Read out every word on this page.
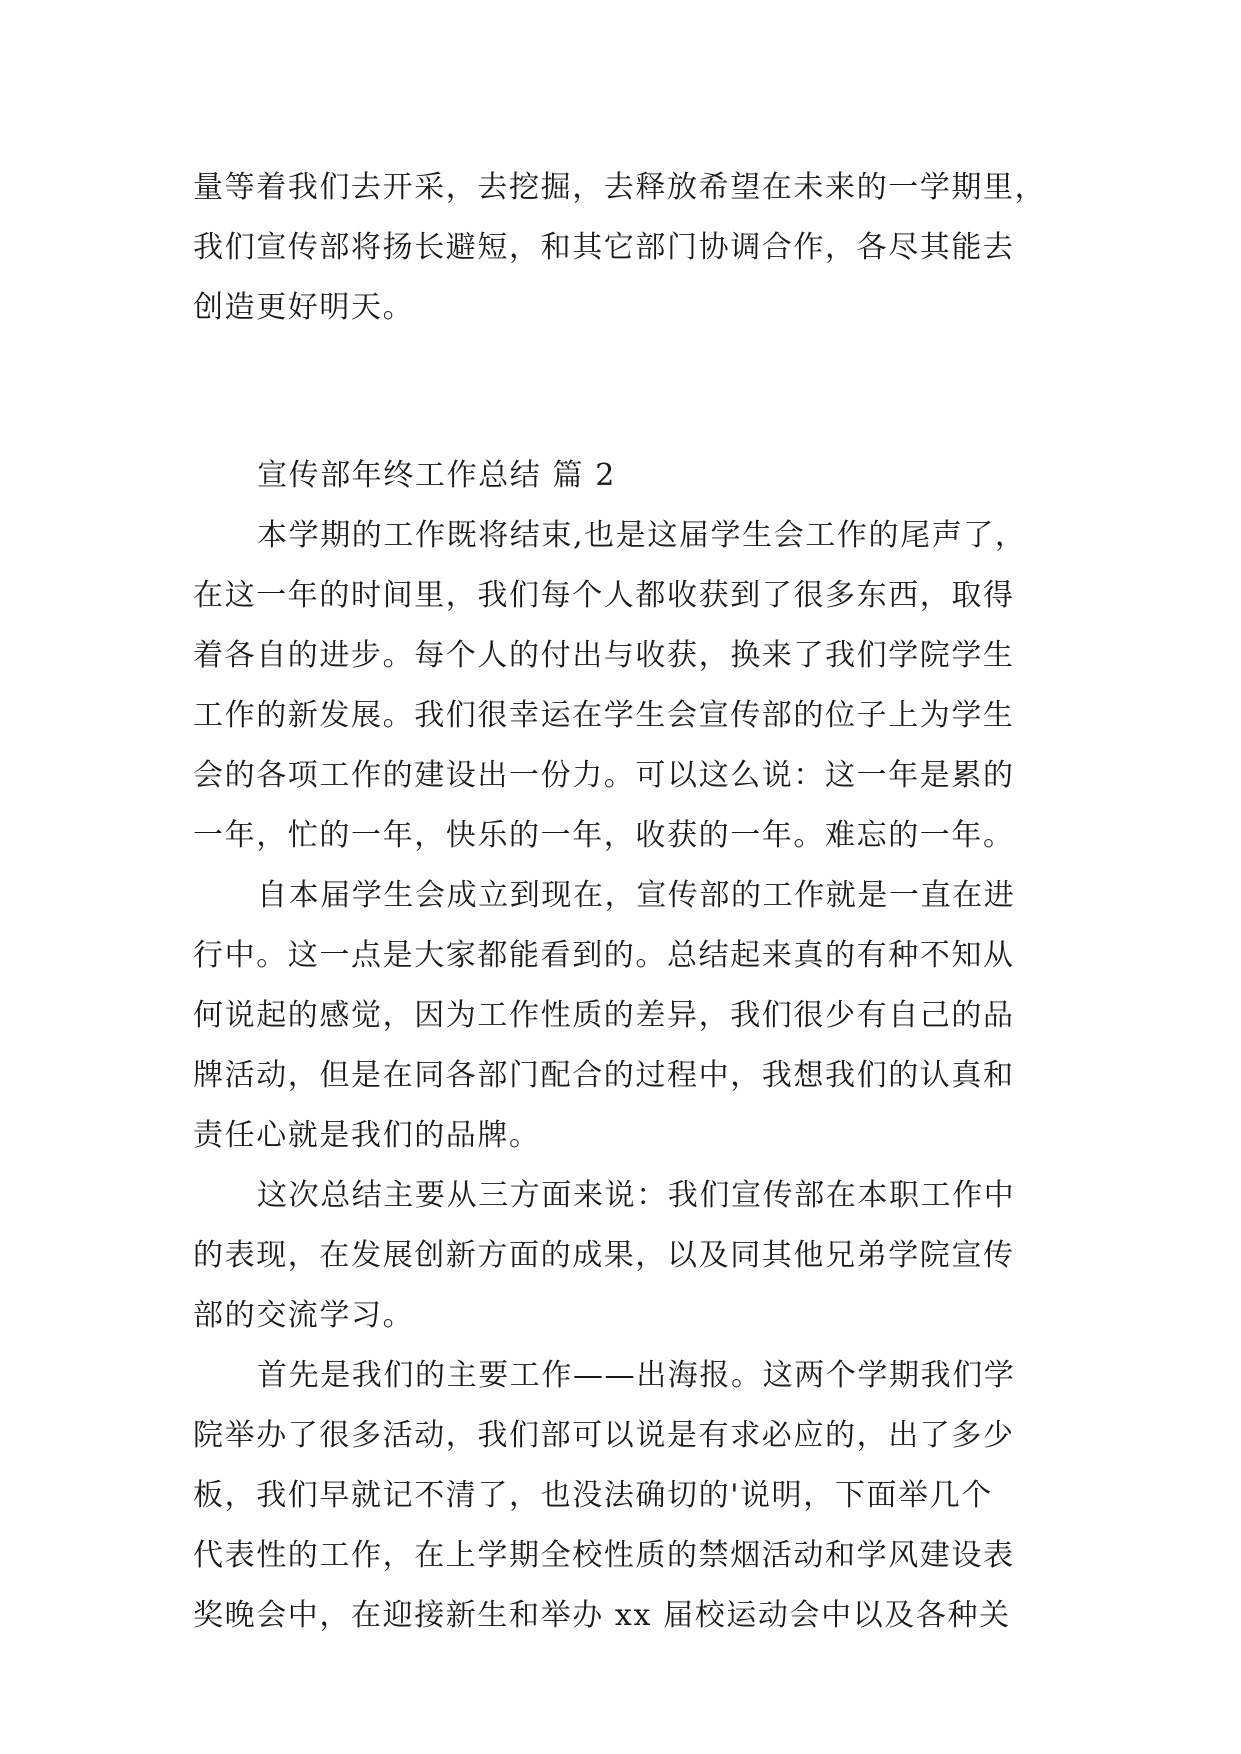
量等着我们去开采，去挖掘，去释放希望在未来的一学期里，
我们宣传部将扬长避短，和其它部门协调合作，各尽其能去
创造更好明天。
宣传部年终工作总结 篇 2
本学期的工作既将结束,也是这届学生会工作的尾声了，
在这一年的时间里，我们每个人都收获到了很多东西，取得
着各自的进步。每个人的付出与收获，换来了我们学院学生
工作的新发展。我们很幸运在学生会宣传部的位子上为学生
会的各项工作的建设出一份力。可以这么说：这一年是累的
一年，忙的一年，快乐的一年，收获的一年。难忘的一年。
自本届学生会成立到现在，宣传部的工作就是一直在进
行中。这一点是大家都能看到的。总结起来真的有种不知从
何说起的感觉，因为工作性质的差异，我们很少有自己的品
牌活动，但是在同各部门配合的过程中，我想我们的认真和
责任心就是我们的品牌。
这次总结主要从三方面来说：我们宣传部在本职工作中
的表现，在发展创新方面的成果，以及同其他兄弟学院宣传
部的交流学习。
首先是我们的主要工作——出海报。这两个学期我们学
院举办了很多活动，我们部可以说是有求必应的，出了多少
板，我们早就记不清了，也没法确切的'说明，下面举几个
代表性的工作，在上学期全校性质的禁烟活动和学风建设表
奖晚会中，在迎接新生和举办 xx 届校运动会中以及各种关
